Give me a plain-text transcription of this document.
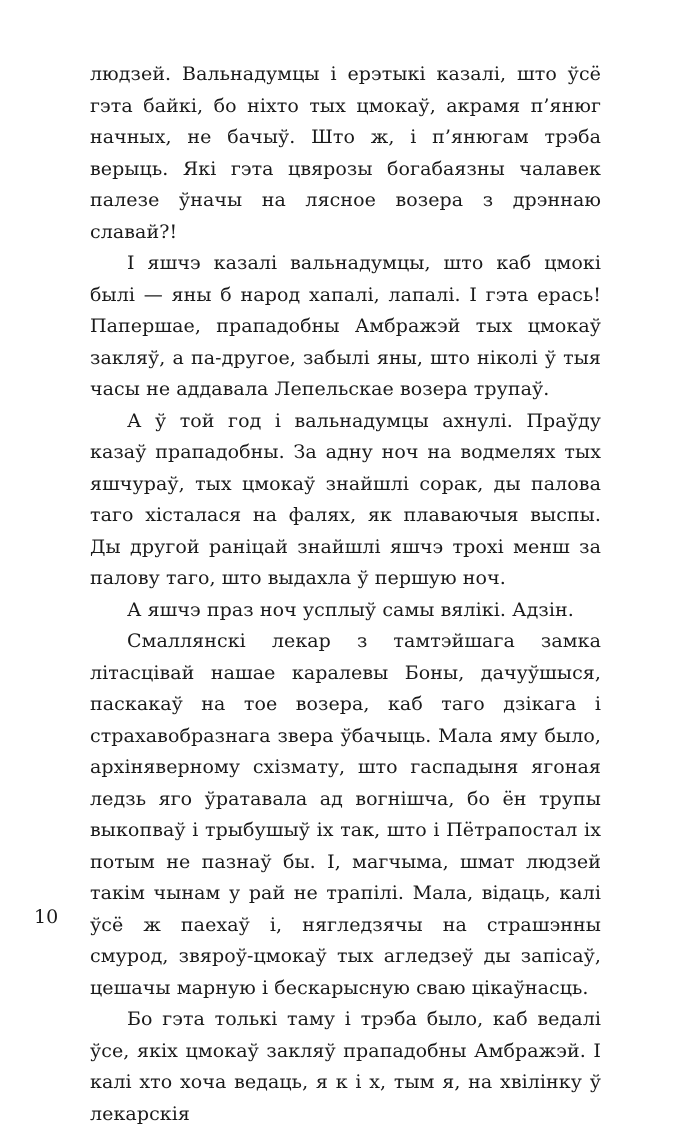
людзей. Вальнадумцы і ерэтыкі казалі, што ўсё гэта байкі, бо ніхто тых цмокаў, акрамя п’янюг начных, не бачыў. Што ж, і п’янюгам трэба верыць. Які гэта цвярозы богабаязны чалавек палезе ўначы на лясное возера з дрэннаю славай?!

І яшчэ казалі вальнадумцы, што каб цмокі былі — яны б народ хапалі, лапалі. І гэта ерась! Папершае, прападобны Амбражэй тых цмокаў закляў, а па-другое, забылі яны, што ніколі ў тыя часы не аддавала Лепельскае возера трупаў.

А ў той год і вальнадумцы ахнулі. Праўду казаў прападобны. За адну ноч на водмелях тых яшчураў, тых цмокаў знайшлі сорак, ды палова таго хісталася на фалях, як плаваючыя выспы. Ды другой раніцай знайшлі яшчэ трохі менш за палову таго, што выдахла ў першую ноч.

А яшчэ праз ноч усплыў самы вялікі. Адзін.

Смаллянскі лекар з тамтэйшага замка літасцівай нашае каралевы Боны, дачуўшыся, паскакаў на тое возера, каб таго дзікага і страхавобразнага звера ўбачыць. Мала яму было, архіняверному схізмату, што гаспадыня ягоная ледзь яго ўратавала ад вогнішча, бо ён трупы выкопваў і трыбушыў іх так, што і Пётрапостал іх потым не пазнаў бы. І, магчыма, шмат людзей такім чынам у рай не трапілі. Мала, відаць, калі ўсё ж паехаў і, нягледзячы на страшэнны смурод, звяроў-цмокаў тых агледзеў ды запісаў, цешачы марную і бескарысную сваю цікаўнасць.

Бо гэта толькі таму і трэба было, каб ведалі ўсе, якіх цмокаў закляў прападобны Амбражэй. І калі хто хоча ведаць, я к і х, тым я, на хвілінку ў лекарскія

10
